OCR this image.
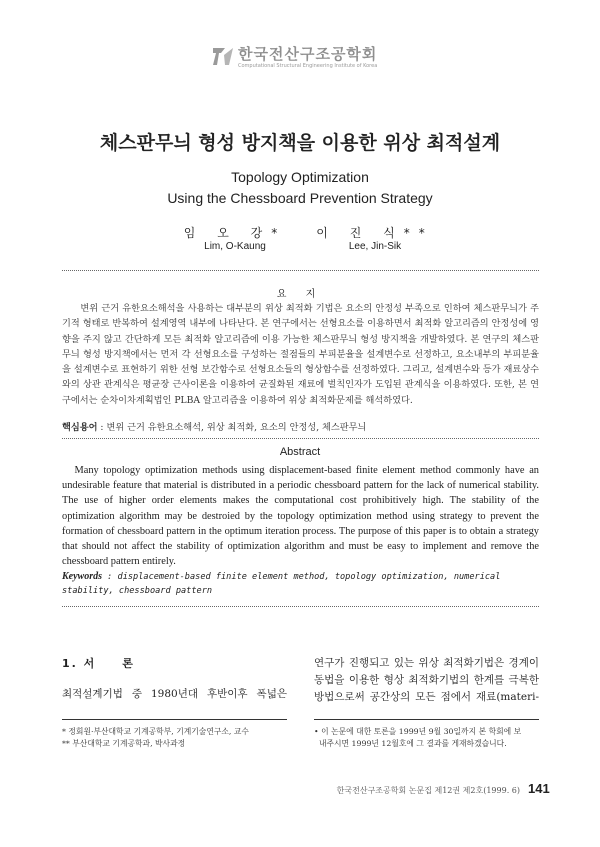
한국전산구조공학회
Computational Structural Engineering Institute of Korea
체스판무늬 형성 방지책을 이용한 위상 최적설계
Topology Optimization
Using the Chessboard Prevention Strategy
임 오 강*
Lim, O-Kaung
이 진 식**
Lee, Jin-Sik
요 지
변위 근거 유한요소해석을 사용하는 대부분의 위상 최적화 기법은 요소의 안정성 부족으로 인하여 체스판무늬가 주기적 형태로 반복하여 설계영역 내부에 나타난다. 본 연구에서는 선형요소를 이용하면서 최적화 알고리즘의 안정성에 영향을 주지 않고 간단하게 모든 최적화 알고리즘에 이용 가능한 체스판무늬 형성 방지책을 개발하였다. 본 연구의 체스판무늬 형성 방지책에서는 먼저 각 선형요소를 구성하는 절점들의 부피분율을 설계변수로 선정하고, 요소내부의 부피분율을 설계변수로 표현하기 위한 선형 보간함수로 선형요소들의 형상함수를 선정하였다. 그리고, 설계변수와 등가 재료상수와의 상관 관계식은 평균장 근사이론을 이용하여 균질화된 재료에 벌칙인자가 도입된 관계식을 이용하였다. 또한, 본 연구에서는 순차이차계획법인 PLBA 알고리즘을 이용하여 위상 최적화문제를 해석하였다.
핵심용어 : 변위 근거 유한요소해석, 위상 최적화, 요소의 안정성, 체스판무늬
Abstract
Many topology optimization methods using displacement-based finite element method commonly have an undesirable feature that material is distributed in a periodic chessboard pattern for the lack of numerical stability. The use of higher order elements makes the computational cost prohibitively high. The stability of the optimization algorithm may be destroied by the topology optimization method using strategy to prevent the formation of chessboard pattern in the optimum iteration process. The purpose of this paper is to obtain a strategy that should not affect the stability of optimization algorithm and must be easy to implement and remove the chessboard pattern entirely.
Keywords : displacement-based finite element method, topology optimization, numerical stability, chessboard pattern
1. 서　　론
최적설계기법 중 1980년대 후반이후 폭넓은
연구가 진행되고 있는 위상 최적화기법은 경계이
동법을 이용한 형상 최적화기법의 한계를 극복한
방법으로써 공간상의 모든 점에서 재료(materi-
* 정회원·부산대학교 기계공학부, 기계기술연구소, 교수
** 부산대학교 기계공학과, 박사과정
• 이 논문에 대한 토론을 1999년 9월 30일까지 본 학회에 보
내주시면 1999년 12월호에 그 결과를 게재하겠습니다.
한국전산구조공학회 논문집 제12권 제2호(1999. 6) 141
